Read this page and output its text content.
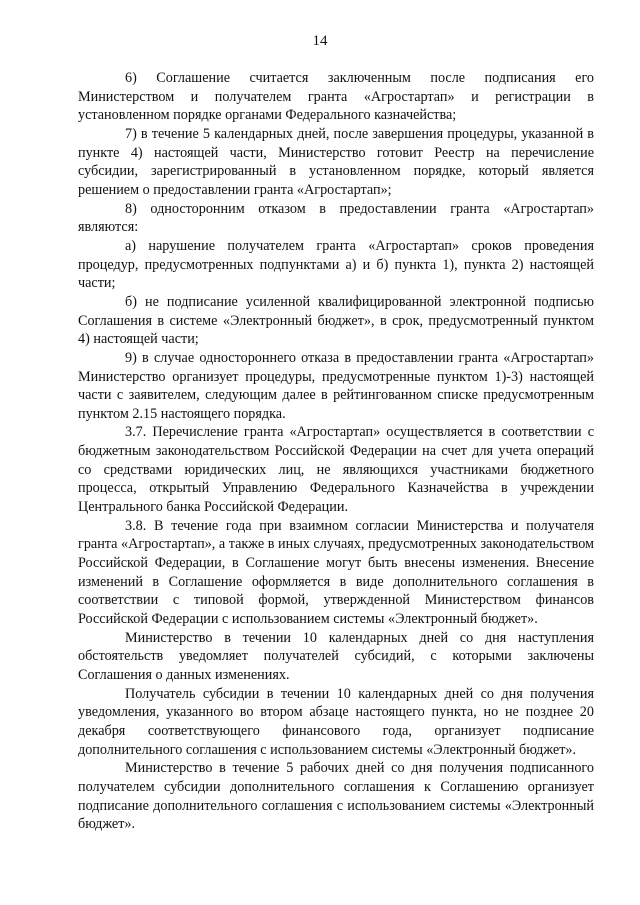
14

6) Соглашение считается заключенным после подписания его Министерством и получателем гранта «Агростартап» и регистрации в установленном порядке органами Федерального казначейства;

7) в течение 5 календарных дней, после завершения процедуры, указанной в пункте 4) настоящей части, Министерство готовит Реестр на перечисление субсидии, зарегистрированный в установленном порядке, который является решением о предоставлении гранта «Агростартап»;

8) односторонним отказом в предоставлении гранта «Агростартап» являются:

а) нарушение получателем гранта «Агростартап» сроков проведения процедур, предусмотренных подпунктами а) и б) пункта 1), пункта 2) настоящей части;

б) не подписание усиленной квалифицированной электронной подписью Соглашения в системе «Электронный бюджет», в срок, предусмотренный пунктом 4) настоящей части;

9) в случае одностороннего отказа в предоставлении гранта «Агростартап» Министерство организует процедуры, предусмотренные пунктом 1)-3) настоящей части с заявителем, следующим далее в рейтингованном списке предусмотренным пунктом 2.15 настоящего порядка.

3.7. Перечисление гранта «Агростартап» осуществляется в соответствии с бюджетным законодательством Российской Федерации на счет для учета операций со средствами юридических лиц, не являющихся участниками бюджетного процесса, открытый Управлению Федерального Казначейства в учреждении Центрального банка Российской Федерации.

3.8. В течение года при взаимном согласии Министерства и получателя гранта «Агростартап», а также в иных случаях, предусмотренных законодательством Российской Федерации, в Соглашение могут быть внесены изменения. Внесение изменений в Соглашение оформляется в виде дополнительного соглашения в соответствии с типовой формой, утвержденной Министерством финансов Российской Федерации с использованием системы «Электронный бюджет».

Министерство в течении 10 календарных дней со дня наступления обстоятельств уведомляет получателей субсидий, с которыми заключены Соглашения о данных изменениях.

Получатель субсидии в течении 10 календарных дней со дня получения уведомления, указанного во втором абзаце настоящего пункта, но не позднее 20 декабря соответствующего финансового года, организует подписание дополнительного соглашения с использованием системы «Электронный бюджет».

Министерство в течение 5 рабочих дней со дня получения подписанного получателем субсидии дополнительного соглашения к Соглашению организует подписание дополнительного соглашения с использованием системы «Электронный бюджет».
